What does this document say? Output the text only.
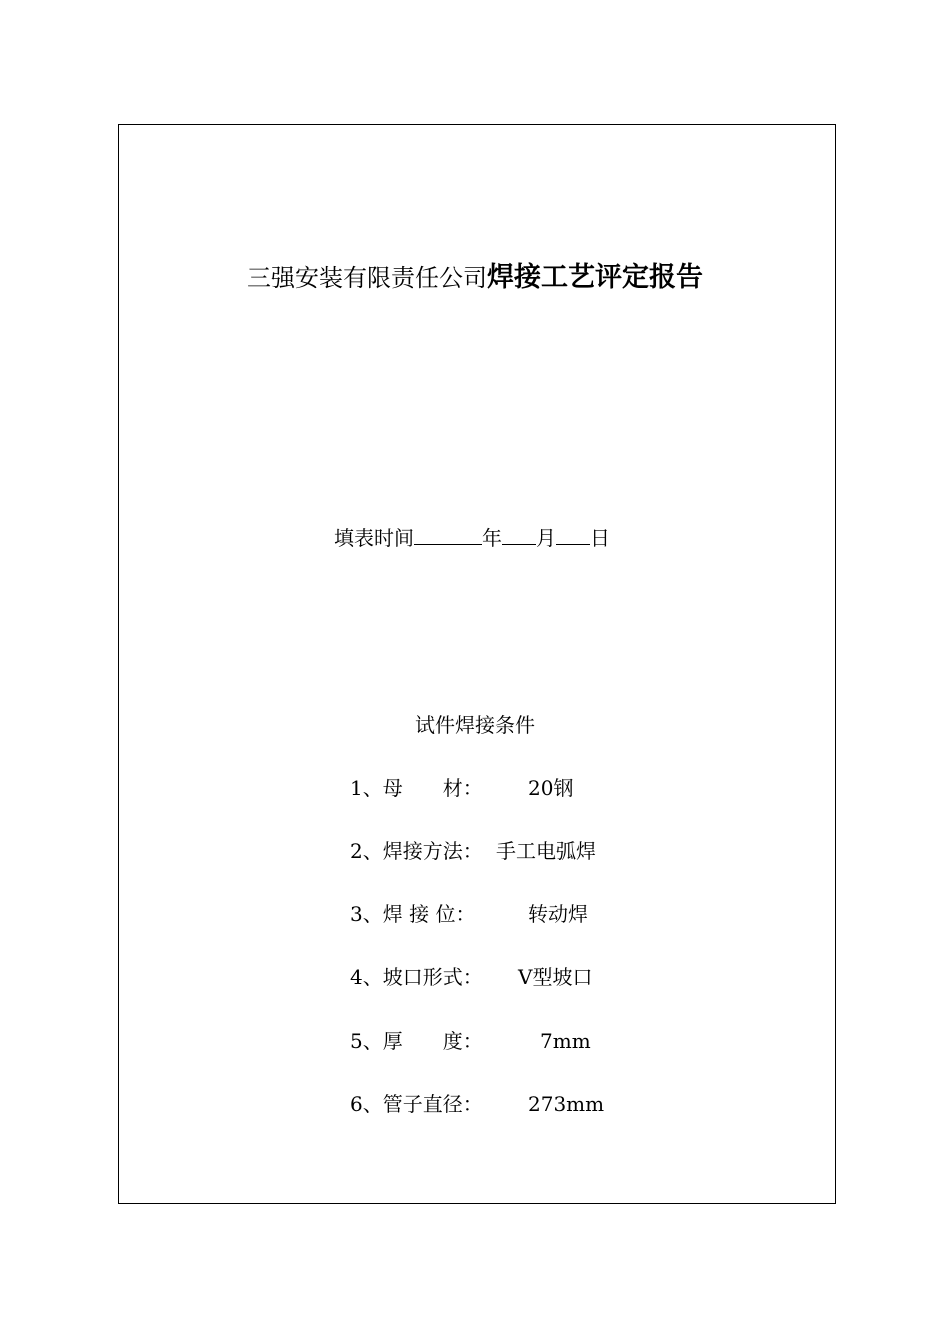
三强安装有限责任公司焊接工艺评定报告
填表时间	年 月 日
试件焊接条件
1、母　　材： 20钢
2、焊接方法： 手工电弧焊
3、焊 接 位：	转动焊
4、坡口形式： V型坡口
5、厚　　度：	7mm
6、管子直径： 273mm
